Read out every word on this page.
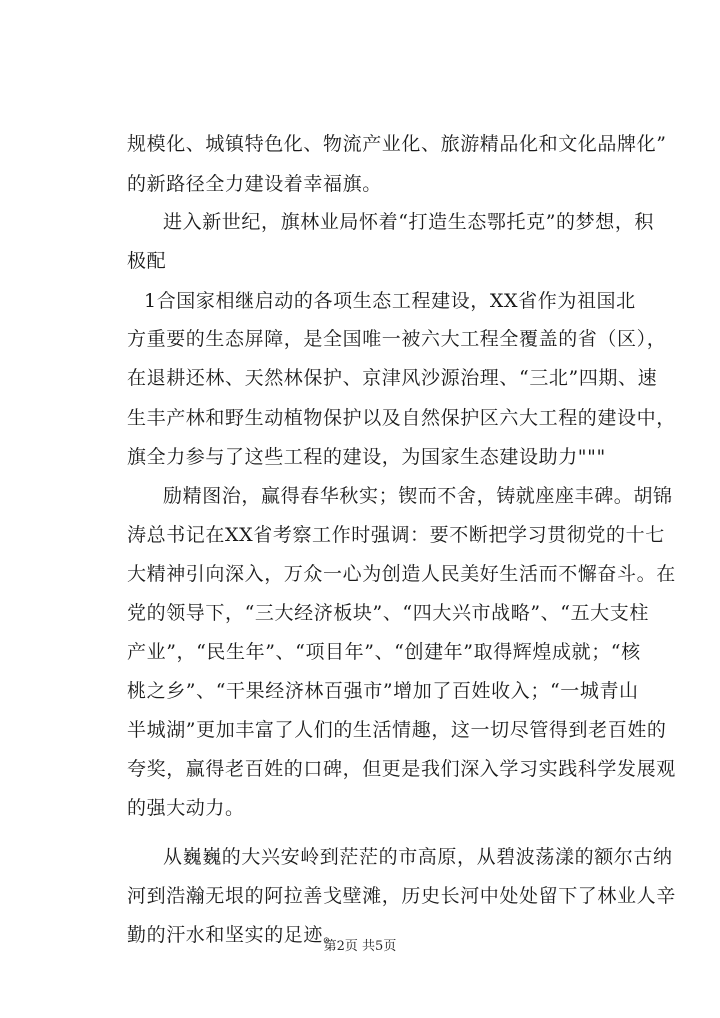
规模化、城镇特色化、物流产业化、旅游精品化和文化品牌化”
的新路径全力建设着幸福旗。
进入新世纪，旗林业局怀着“打造生态鄂托克”的梦想，积
极配
1合国家相继启动的各项生态工程建设，XX省作为祖国北
方重要的生态屏障，是全国唯一被六大工程全覆盖的省（区），
在退耕还林、天然林保护、京津风沙源治理、“三北”四期、速
生丰产林和野生动植物保护以及自然保护区六大工程的建设中，
旗全力参与了这些工程的建设，为国家生态建设助力"""
励精图治，赢得春华秋实；锲而不舍，铸就座座丰碑。胡锦
涛总书记在XX省考察工作时强调：要不断把学习贯彻党的十七
大精神引向深入，万众一心为创造人民美好生活而不懈奋斗。在
党的领导下，“三大经济板块”、“四大兴市战略”、“五大支柱
产业”，“民生年”、“项目年”、“创建年”取得辉煌成就；“核
桃之乡”、“干果经济林百强市”增加了百姓收入；“一城青山
半城湖”更加丰富了人们的生活情趣，这一切尽管得到老百姓的
夸奖，赢得老百姓的口碑，但更是我们深入学习实践科学发展观
的强大动力。
从巍巍的大兴安岭到茫茫的市高原，从碧波荡漾的额尔古纳
河到浩瀚无垠的阿拉善戈壁滩，历史长河中处处留下了林业人辛
勤的汗水和坚实的足迹。
第2页 共5页
